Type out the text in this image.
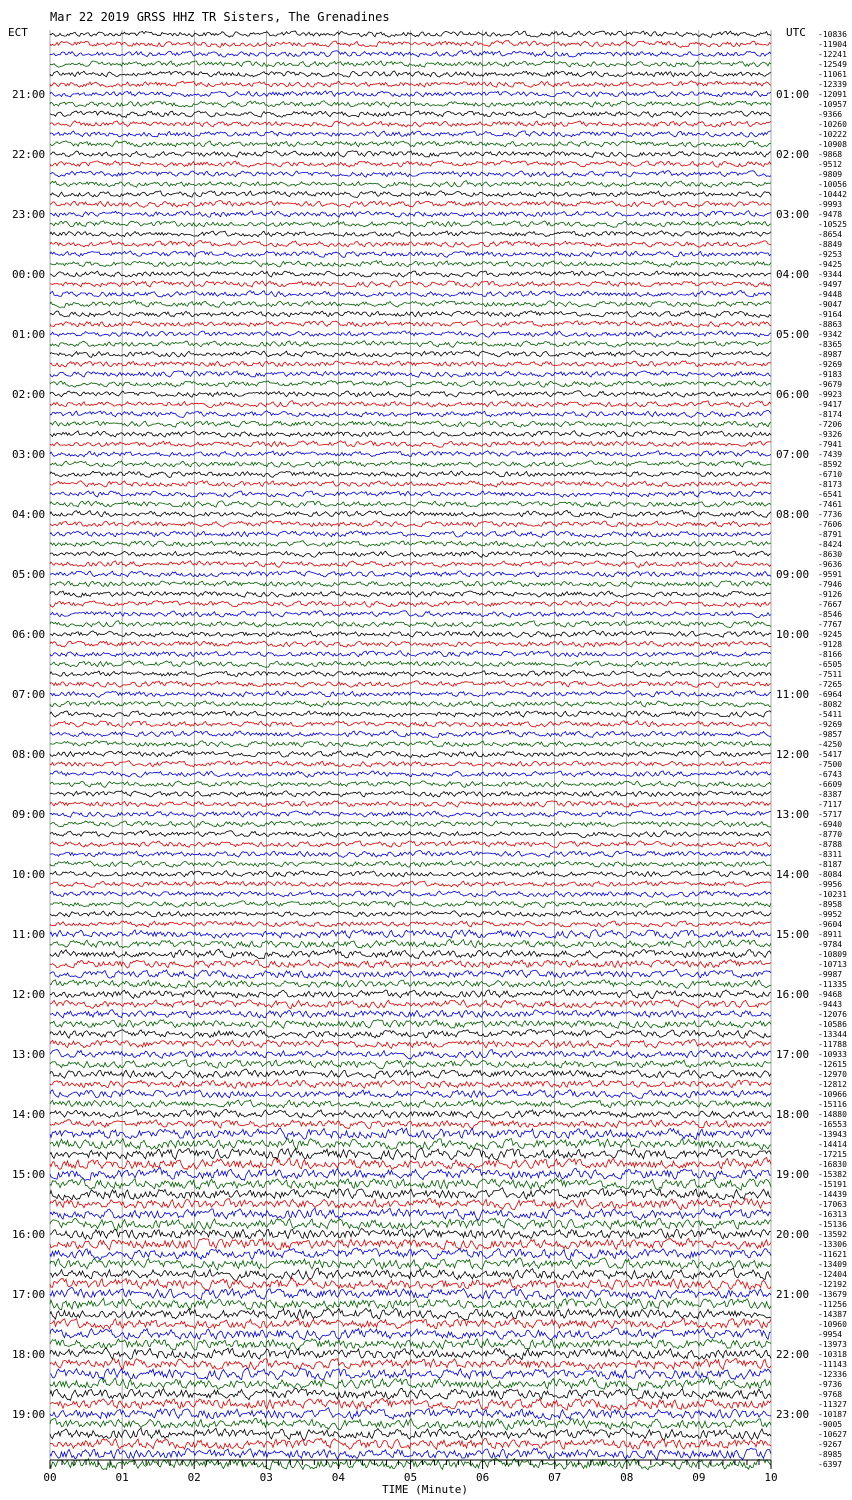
Mar 22 2019 GRSS HHZ TR Sisters, The Grenadines
ECT	UTC
21:00
22:00
23:00
00:00
01:00
02:00
03:00
04:00
05:00
06:00
07:00
08:00
09:00
10:00
11:00
12:00
13:00
14:00
15:00
16:00
17:00
18:00
19:00
01:00
02:00
03:00
04:00
05:00
06:00
07:00
08:00
09:00
10:00
11:00
12:00
13:00
14:00
15:00
16:00
17:00
18:00
19:00
20:00
21:00
22:00
23:00
-10836
-11904
-12241
-12549
-11061
-12339
-12091
-10957
-9366
-10260
-10222
-10908
-9868
-9512
-9809
-10056
-10442
-9993
-9478
-10525
-8654
-8849
-9253
-9425
-9344
-9497
-9448
-9047
-9164
-8863
-9342
-8365
-8987
-9269
-9183
-9679
-9923
-9417
-8174
-7206
-9326
-7941
-7439
-8592
-6710
-8173
-6541
-7461
-7736
-7606
-8791
-8424
-8630
-9636
-9591
-7946
-9126
-7667
-8546
-7767
-9245
-9128
-8166
-6505
-7511
-7265
-6964
-8082
-5411
-9269
-9857
-4250
-5417
-7500
-6743
-6609
-8387
-7117
-5717
-6940
-8770
-8788
-8311
-8187
-8084
-9956
-10231
-8958
-9952
-9604
-8911
-9784
-10809
-10713
-9987
-11335
-9468
-9443
-12076
-10586
-13344
-11788
-10933
-12615
-12970
-12812
-10966
-15116
-14880
-16553
-13943
-14414
-17215
-16830
-15382
-15191
-14439
-17063
-16313
-15136
-13592
-13306
-11621
-13409
-12404
-12192
-13679
-11256
-14387
-10960
-9954
-13973
-10318
-11143
-12336
-9736
-9768
-11327
-10187
-9005
-10627
-9267
-8985
-6397
00	01	02	03	04	05	06	07	08	09	10
TIME (Minute)
